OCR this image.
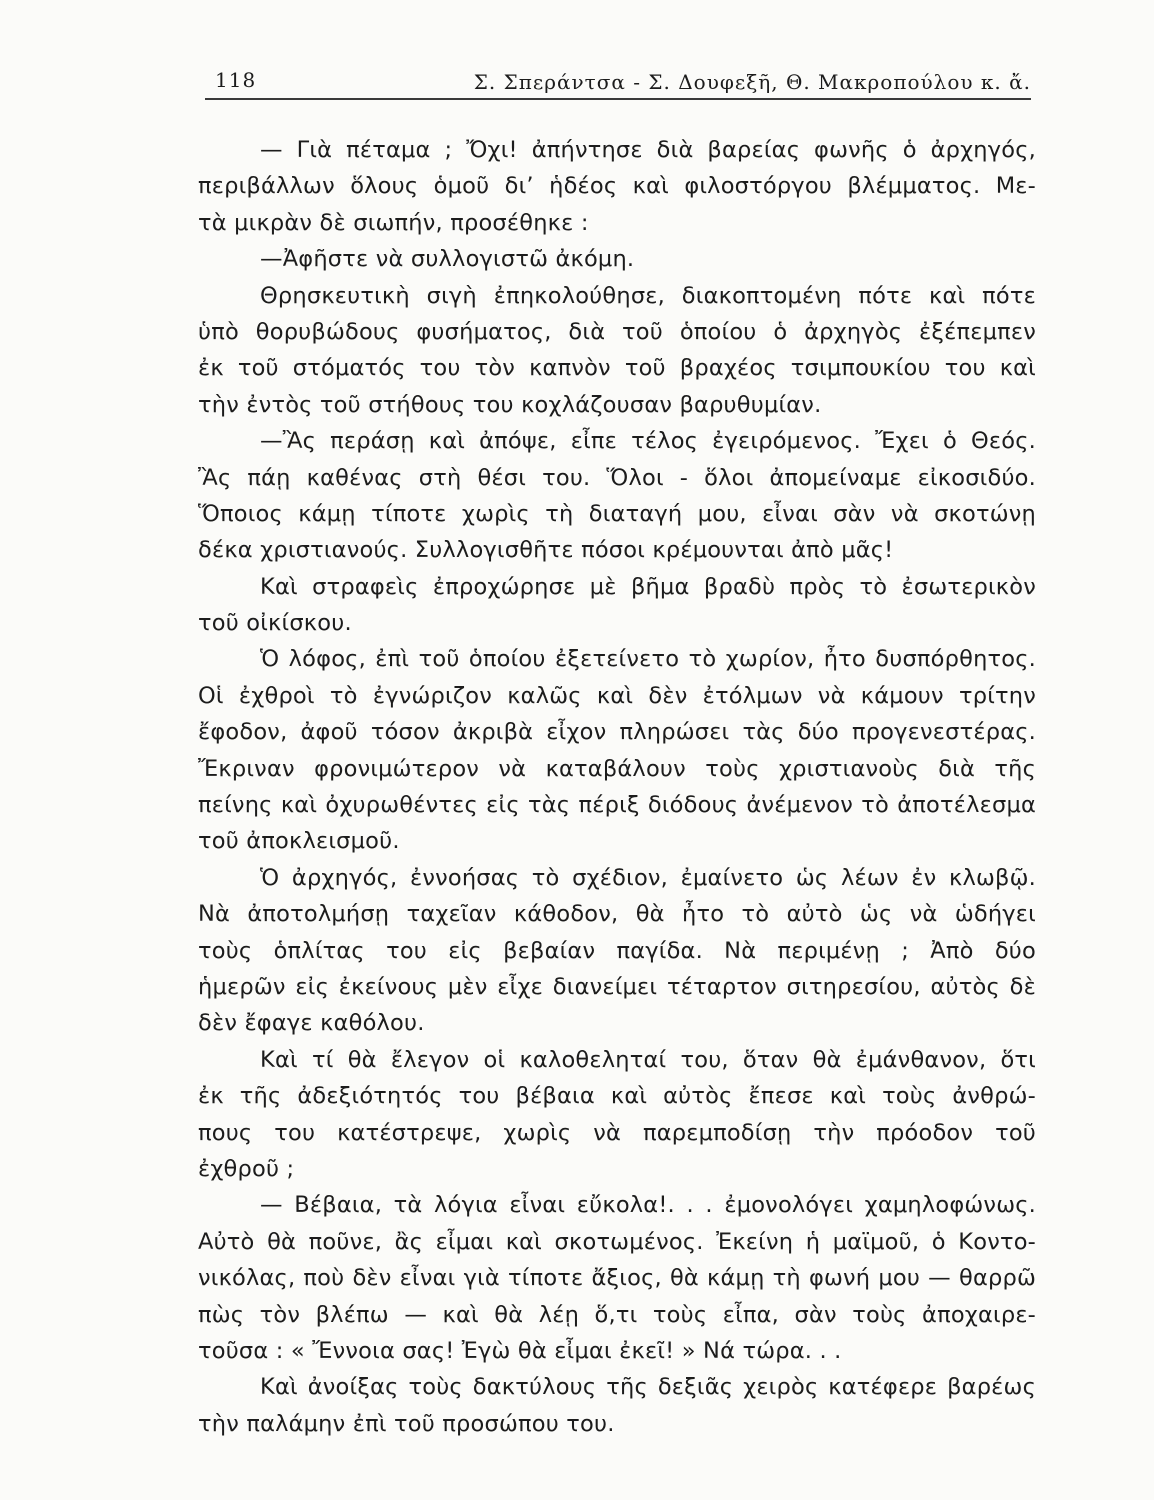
118	Σ. Σπεράντσα - Σ. Δουφεξῆ, Θ. Μακροπούλου κ. ἄ.
— Γιὰ πέταμα ; Ὄχι! ἀπήντησε διὰ βαρείας φωνῆς ὁ ἀρχηγός,
περιβάλλων ὅλους ὁμοῦ δι’ ἡδέος καὶ φιλοστόργου βλέμματος. Με-
τὰ μικρὰν δὲ σιωπήν, προσέθηκε :
—Ἀφῆστε νὰ συλλογιστῶ ἀκόμη.
Θρησκευτικὴ σιγὴ ἐπηκολούθησε, διακοπτομένη πότε καὶ πότε
ὑπὸ θορυβώδους φυσήματος, διὰ τοῦ ὁποίου ὁ ἀρχηγὸς ἐξέπεμπεν
ἐκ τοῦ στόματός του τὸν καπνὸν τοῦ βραχέος τσιμπουκίου του καὶ
τὴν ἐντὸς τοῦ στήθους του κοχλάζουσαν βαρυθυμίαν.
—Ἂς περάσῃ καὶ ἀπόψε, εἶπε τέλος ἐγειρόμενος. Ἔχει ὁ Θεός.
Ἂς πάῃ καθένας στὴ θέσι του. Ὅλοι - ὅλοι ἀπομείναμε εἰκοσιδύο.
Ὅποιος κάμῃ τίποτε χωρὶς τὴ διαταγή μου, εἶναι σὰν νὰ σκοτώνῃ
δέκα χριστιανούς. Συλλογισθῆτε πόσοι κρέμουνται ἀπὸ μᾶς!
Καὶ στραφεὶς ἐπροχώρησε μὲ βῆμα βραδὺ πρὸς τὸ ἐσωτερικὸν
τοῦ οἰκίσκου.
Ὁ λόφος, ἐπὶ τοῦ ὁποίου ἐξετείνετο τὸ χωρίον, ἦτο δυσπόρθητος.
Οἱ ἐχθροὶ τὸ ἐγνώριζον καλῶς καὶ δὲν ἐτόλμων νὰ κάμουν τρίτην
ἔφοδον, ἀφοῦ τόσον ἀκριβὰ εἶχον πληρώσει τὰς δύο προγενεστέρας.
Ἔκριναν φρονιμώτερον νὰ καταβάλουν τοὺς χριστιανοὺς διὰ τῆς
πείνης καὶ ὀχυρωθέντες εἰς τὰς πέριξ διόδους ἀνέμενον τὸ ἀποτέλεσμα
τοῦ ἀποκλεισμοῦ.
Ὁ ἀρχηγός, ἐννοήσας τὸ σχέδιον, ἐμαίνετο ὡς λέων ἐν κλωβῷ.
Νὰ ἀποτολμήσῃ ταχεῖαν κάθοδον, θὰ ἦτο τὸ αὐτὸ ὡς νὰ ὡδήγει
τοὺς ὁπλίτας του εἰς βεβαίαν παγίδα. Νὰ περιμένῃ ; Ἀπὸ δύο
ἡμερῶν εἰς ἐκείνους μὲν εἶχε διανείμει τέταρτον σιτηρεσίου, αὐτὸς δὲ
δὲν ἔφαγε καθόλου.
Καὶ τί θὰ ἔλεγον οἱ καλοθεληταί του, ὅταν θὰ ἐμάνθανον, ὅτι
ἐκ τῆς ἀδεξιότητός του βέβαια καὶ αὐτὸς ἔπεσε καὶ τοὺς ἀνθρώ-
πους του κατέστρεψε, χωρὶς νὰ παρεμποδίσῃ τὴν πρόοδον τοῦ
ἐχθροῦ ;
— Βέβαια, τὰ λόγια εἶναι εὔκολα!. . . ἐμονολόγει χαμηλοφώνως.
Αὐτὸ θὰ ποῦνε, ἂς εἶμαι καὶ σκοτωμένος. Ἐκείνη ἡ μαϊμοῦ, ὁ Κοντο-
νικόλας, ποὺ δὲν εἶναι γιὰ τίποτε ἄξιος, θὰ κάμῃ τὴ φωνή μου — θαρρῶ
πὼς τὸν βλέπω — καὶ θὰ λέῃ ὅ,τι τοὺς εἶπα, σὰν τοὺς ἀποχαιρε-
τοῦσα : « Ἔννοια σας! Ἐγὼ θὰ εἶμαι ἐκεῖ! » Νά τώρα. . .
Καὶ ἀνοίξας τοὺς δακτύλους τῆς δεξιᾶς χειρὸς κατέφερε βαρέως
τὴν παλάμην ἐπὶ τοῦ προσώπου του.
